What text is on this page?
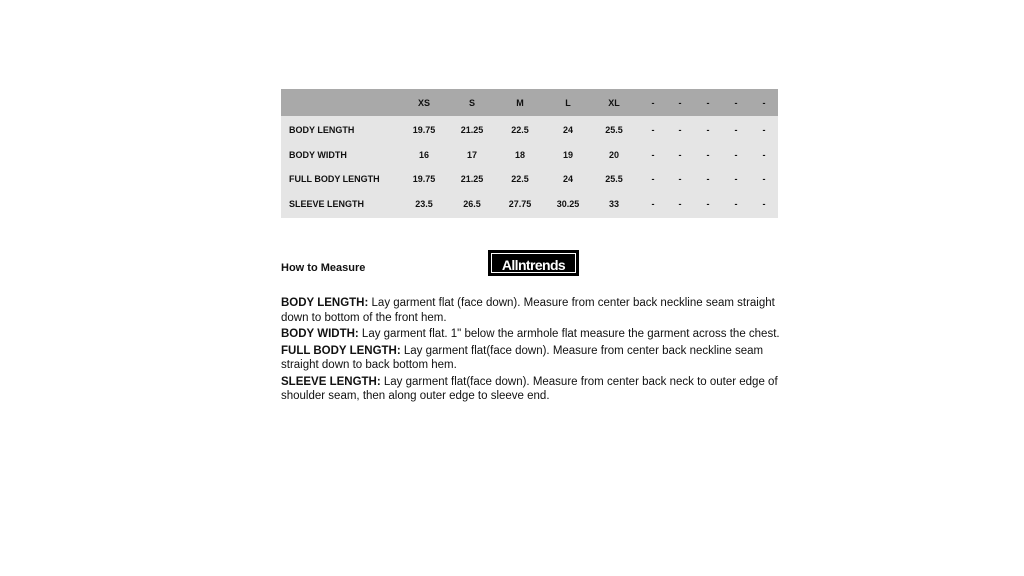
	XS	S	M	L	XL	-	-	-	-	-
BODY LENGTH	19.75	21.25	22.5	24	25.5	-	-	-	-	-
BODY WIDTH	16	17	18	19	20	-	-	-	-	-
FULL BODY LENGTH	19.75	21.25	22.5	24	25.5	-	-	-	-	-
SLEEVE LENGTH	23.5	26.5	27.75	30.25	33	-	-	-	-	-
How to Measure	Allntrends

BODY LENGTH: Lay garment flat (face down). Measure from center back neckline seam straight down to bottom of the front hem.

BODY WIDTH: Lay garment flat. 1" below the armhole flat measure the garment across the chest.

FULL BODY LENGTH: Lay garment flat(face down). Measure from center back neckline seam straight down to back bottom hem.

SLEEVE LENGTH: Lay garment flat(face down). Measure from center back neck to outer edge of shoulder seam, then along outer edge to sleeve end.
